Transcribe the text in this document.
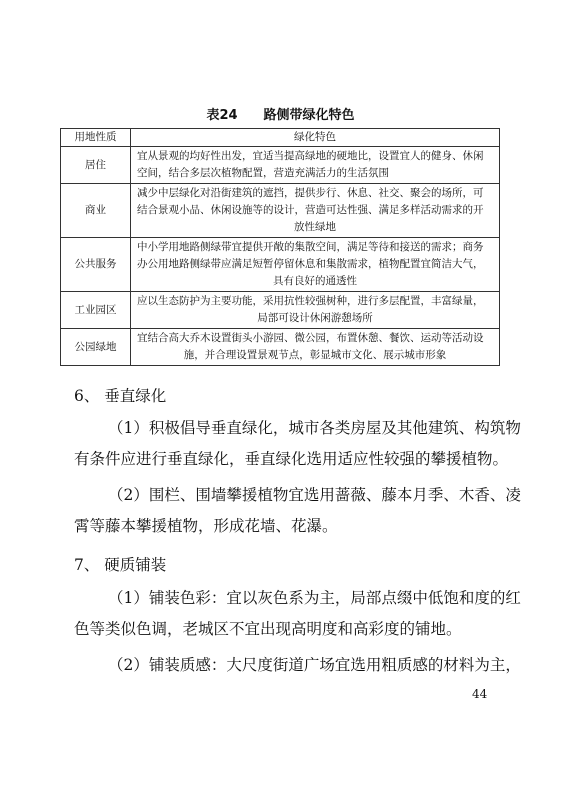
表24 路侧带绿化特色
用地性质	绿化特色
居住	宜从景观的均好性出发，宜适当提高绿地的硬地比，设置宜人的健身、休闲
空间，结合多层次植物配置，营造充满活力的生活氛围

商业	减少中层绿化对沿街建筑的遮挡，提供步行、休息、社交、聚会的场所，可
结合景观小品、休闲设施等的设计，营造可达性强、满足多样活动需求的开
放性绿地

公共服务	中小学用地路侧绿带宜提供开敞的集散空间，满足等待和接送的需求；商务
办公用地路侧绿带应满足短暂停留休息和集散需求，植物配置宜简洁大气，
具有良好的通透性

工业园区	应以生态防护为主要功能，采用抗性较强树种，进行多层配置，丰富绿量，
局部可设计休闲游憩场所

公园绿地	宜结合高大乔木设置街头小游园、微公园，布置休憩、餐饮、运动等活动设
施，并合理设置景观节点，彰显城市文化、展示城市形象
6、 垂直绿化
（1）积极倡导垂直绿化，城市各类房屋及其他建筑、构筑物
有条件应进行垂直绿化，垂直绿化选用适应性较强的攀援植物。
（2）围栏、围墙攀援植物宜选用蔷薇、藤本月季、木香、凌
霄等藤本攀援植物，形成花墙、花瀑。
7、 硬质铺装
（1）铺装色彩：宜以灰色系为主，局部点缀中低饱和度的红
色等类似色调，老城区不宜出现高明度和高彩度的铺地。
（2）铺装质感：大尺度街道广场宜选用粗质感的材料为主，
44
